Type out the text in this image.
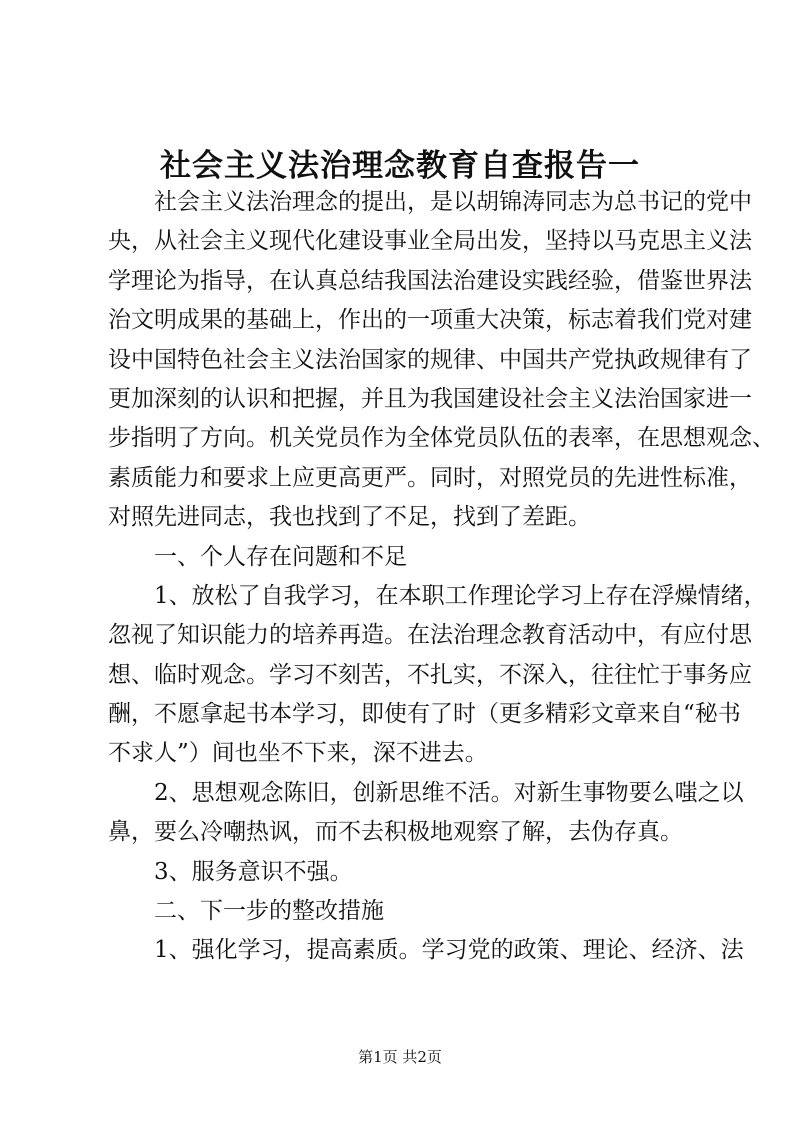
社会主义法治理念教育自查报告一
社会主义法治理念的提出，是以胡锦涛同志为总书记的党中
央，从社会主义现代化建设事业全局出发，坚持以马克思主义法
学理论为指导，在认真总结我国法治建设实践经验，借鉴世界法
治文明成果的基础上，作出的一项重大决策，标志着我们党对建
设中国特色社会主义法治国家的规律、中国共产党执政规律有了
更加深刻的认识和把握，并且为我国建设社会主义法治国家进一
步指明了方向。机关党员作为全体党员队伍的表率，在思想观念、
素质能力和要求上应更高更严。同时，对照党员的先进性标准，
对照先进同志，我也找到了不足，找到了差距。
一、个人存在问题和不足
1、放松了自我学习，在本职工作理论学习上存在浮燥情绪，
忽视了知识能力的培养再造。在法治理念教育活动中，有应付思
想、临时观念。学习不刻苦，不扎实，不深入，往往忙于事务应
酬，不愿拿起书本学习，即使有了时（更多精彩文章来自“秘书
不求人”）间也坐不下来，深不进去。
2、思想观念陈旧，创新思维不活。对新生事物要么嗤之以
鼻，要么冷嘲热讽，而不去积极地观察了解，去伪存真。
3、服务意识不强。
二、下一步的整改措施
1、强化学习，提高素质。学习党的政策、理论、经济、法
第1页 共2页
